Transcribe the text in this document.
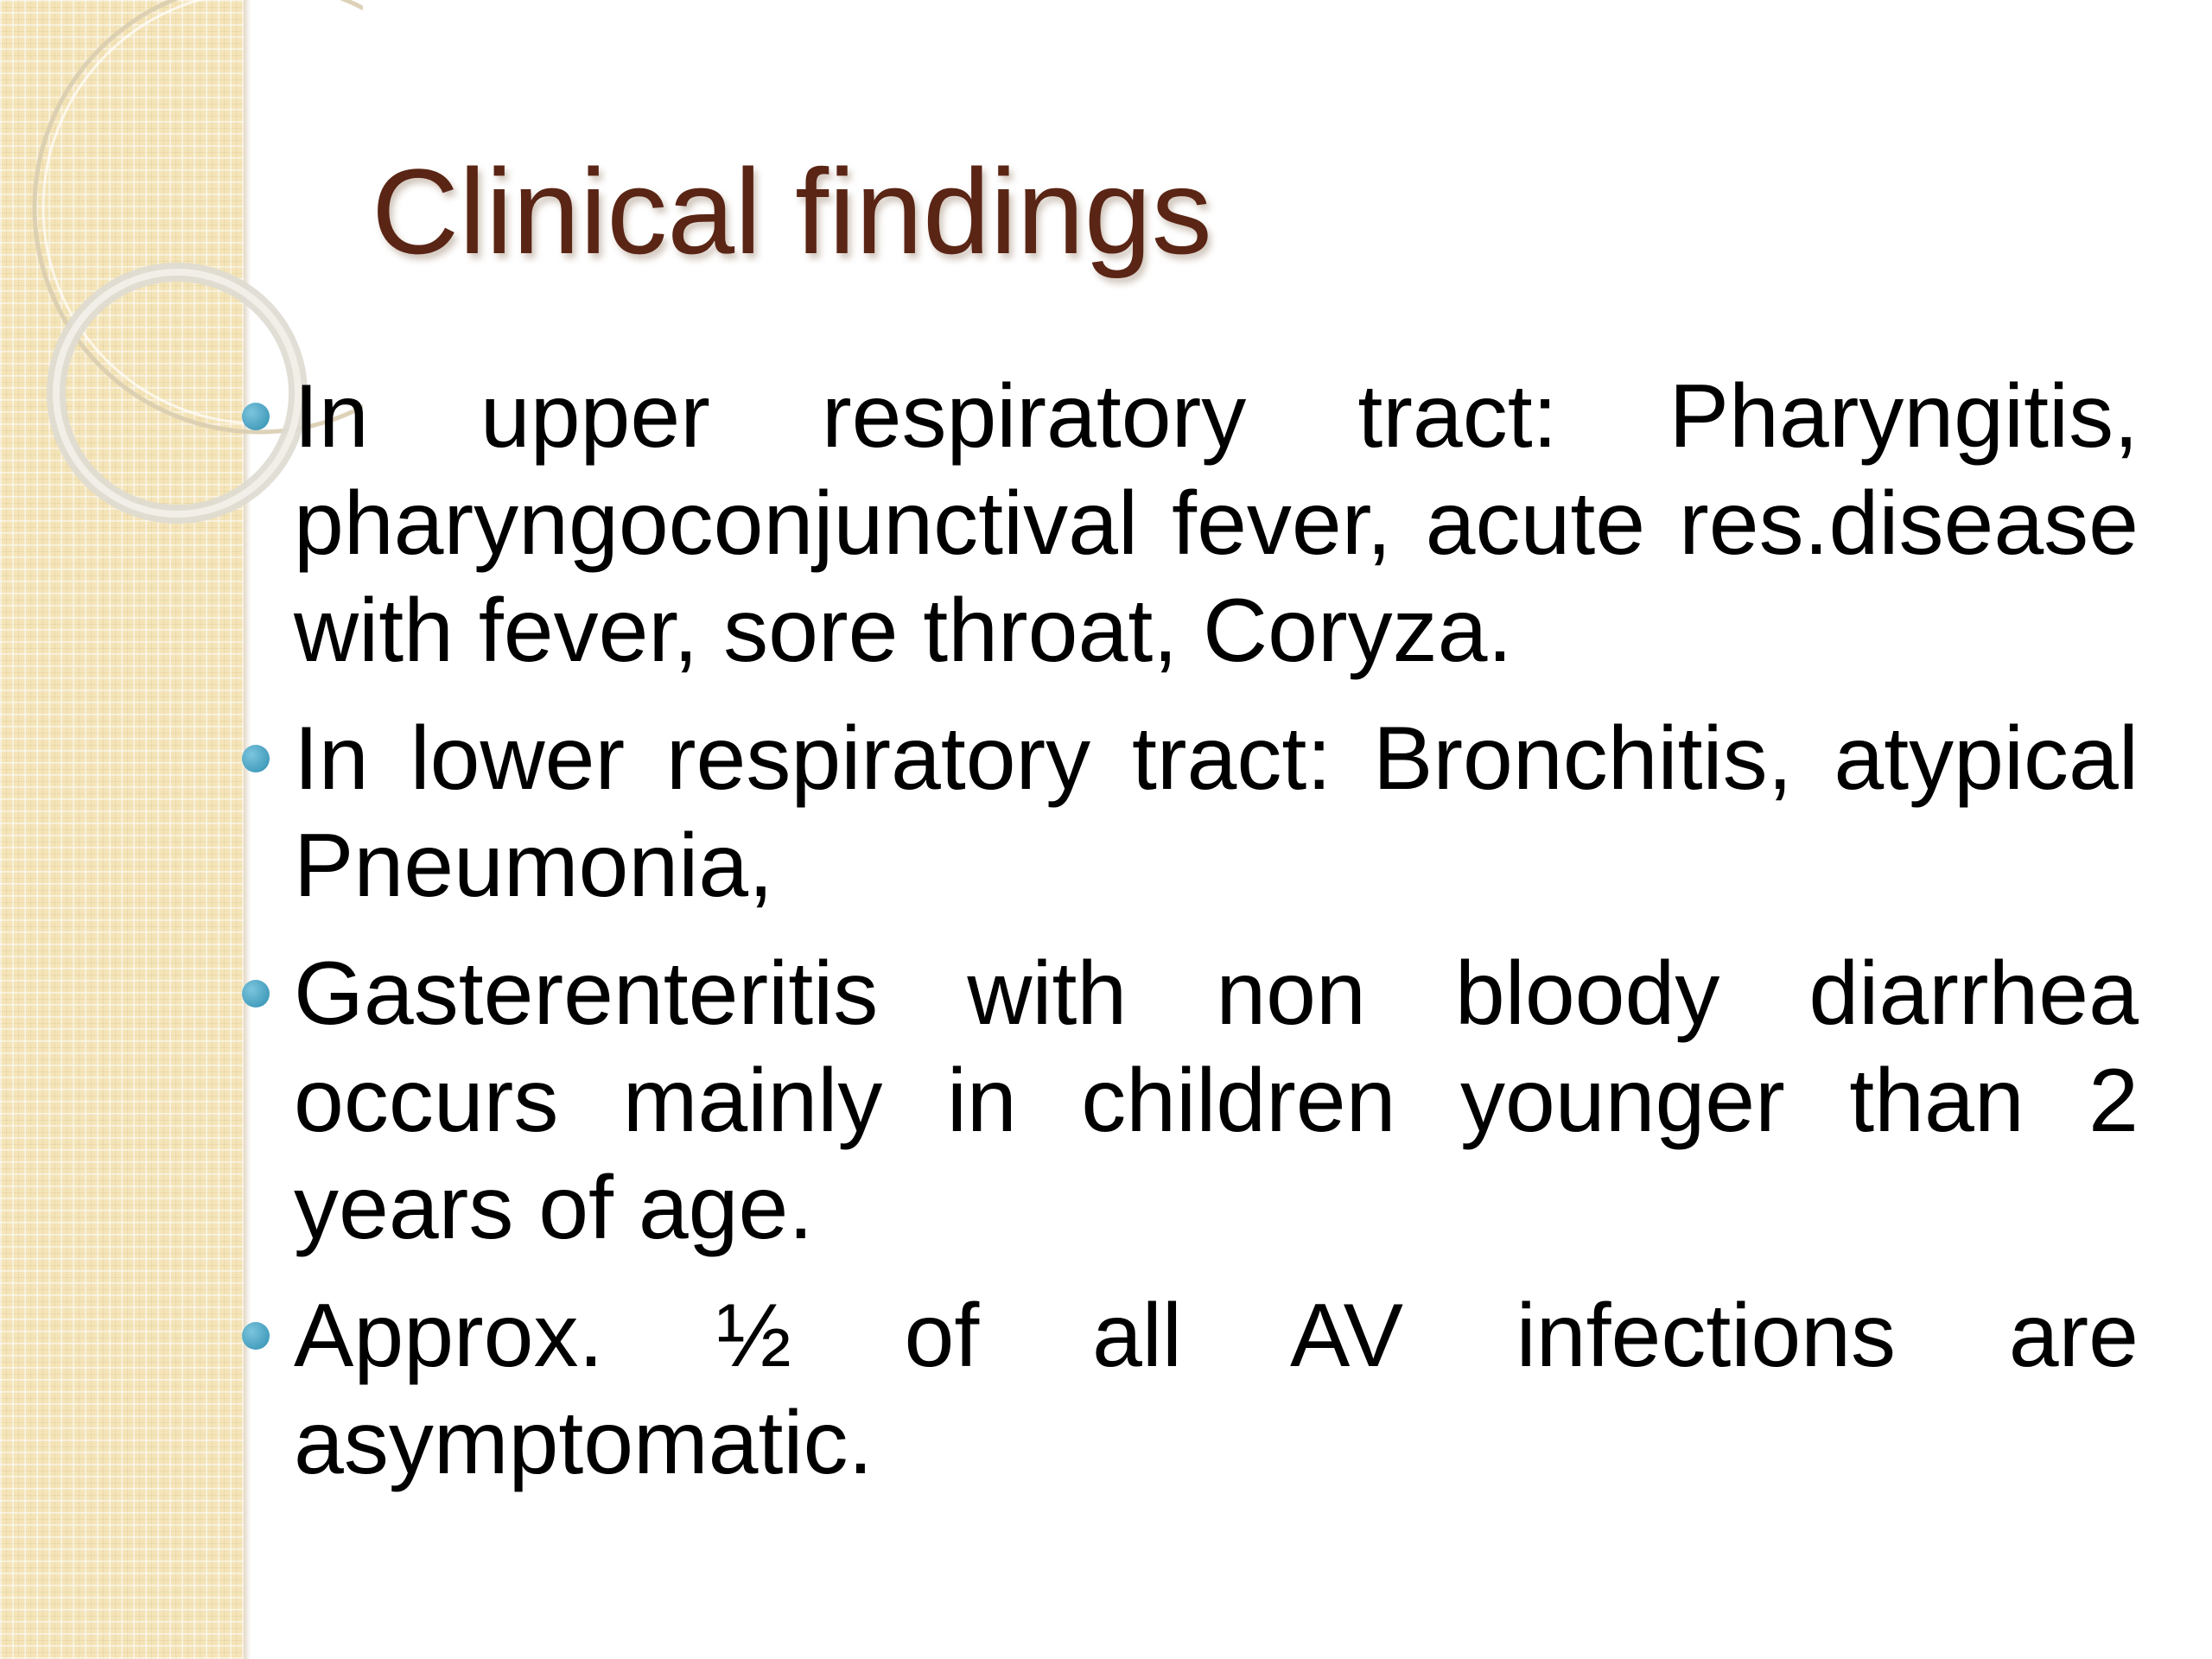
Clinical findings

In upper respiratory tract: Pharyngitis, pharyngoconjunctival fever, acute res.disease with fever, sore throat, Coryza.

In lower respiratory tract: Bronchitis, atypical Pneumonia,

Gasterenteritis with non bloody diarrhea occurs mainly in children younger than 2 years of age.

Approx. ½ of all AV infections are asymptomatic.
